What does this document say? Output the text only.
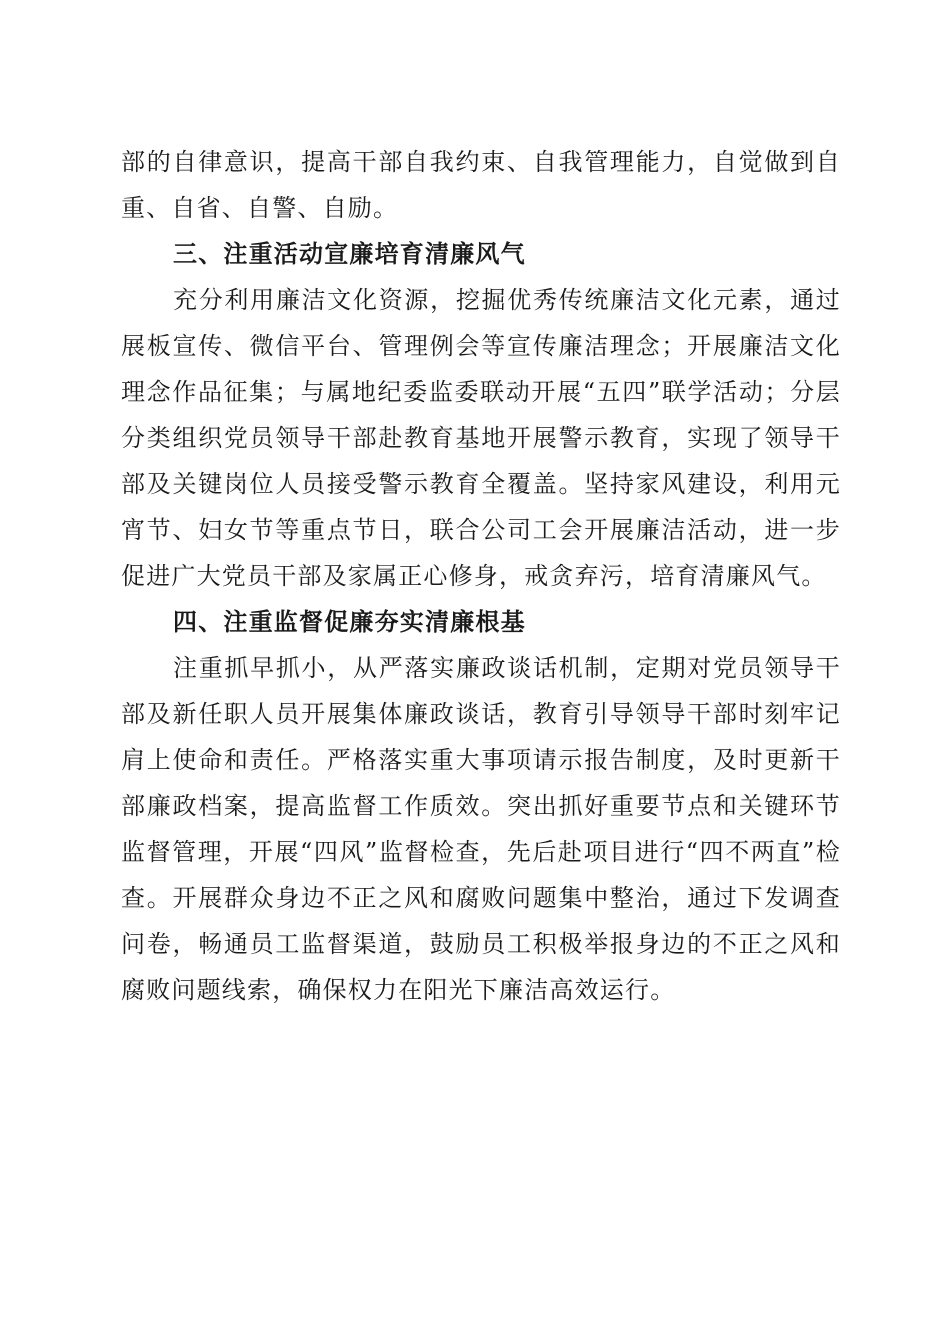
部的自律意识，提高干部自我约束、自我管理能力，自觉做到自重、自省、自警、自励。

三、注重活动宣廉培育清廉风气

充分利用廉洁文化资源，挖掘优秀传统廉洁文化元素，通过展板宣传、微信平台、管理例会等宣传廉洁理念；开展廉洁文化理念作品征集；与属地纪委监委联动开展“五四”联学活动；分层分类组织党员领导干部赴教育基地开展警示教育，实现了领导干部及关键岗位人员接受警示教育全覆盖。坚持家风建设，利用元宵节、妇女节等重点节日，联合公司工会开展廉洁活动，进一步促进广大党员干部及家属正心修身，戒贪弃污，培育清廉风气。

四、注重监督促廉夯实清廉根基

注重抓早抓小，从严落实廉政谈话机制，定期对党员领导干部及新任职人员开展集体廉政谈话，教育引导领导干部时刻牢记肩上使命和责任。严格落实重大事项请示报告制度，及时更新干部廉政档案，提高监督工作质效。突出抓好重要节点和关键环节监督管理，开展“四风”监督检查，先后赴项目进行“四不两直”检查。开展群众身边不正之风和腐败问题集中整治，通过下发调查问卷，畅通员工监督渠道，鼓励员工积极举报身边的不正之风和腐败问题线索，确保权力在阳光下廉洁高效运行。
